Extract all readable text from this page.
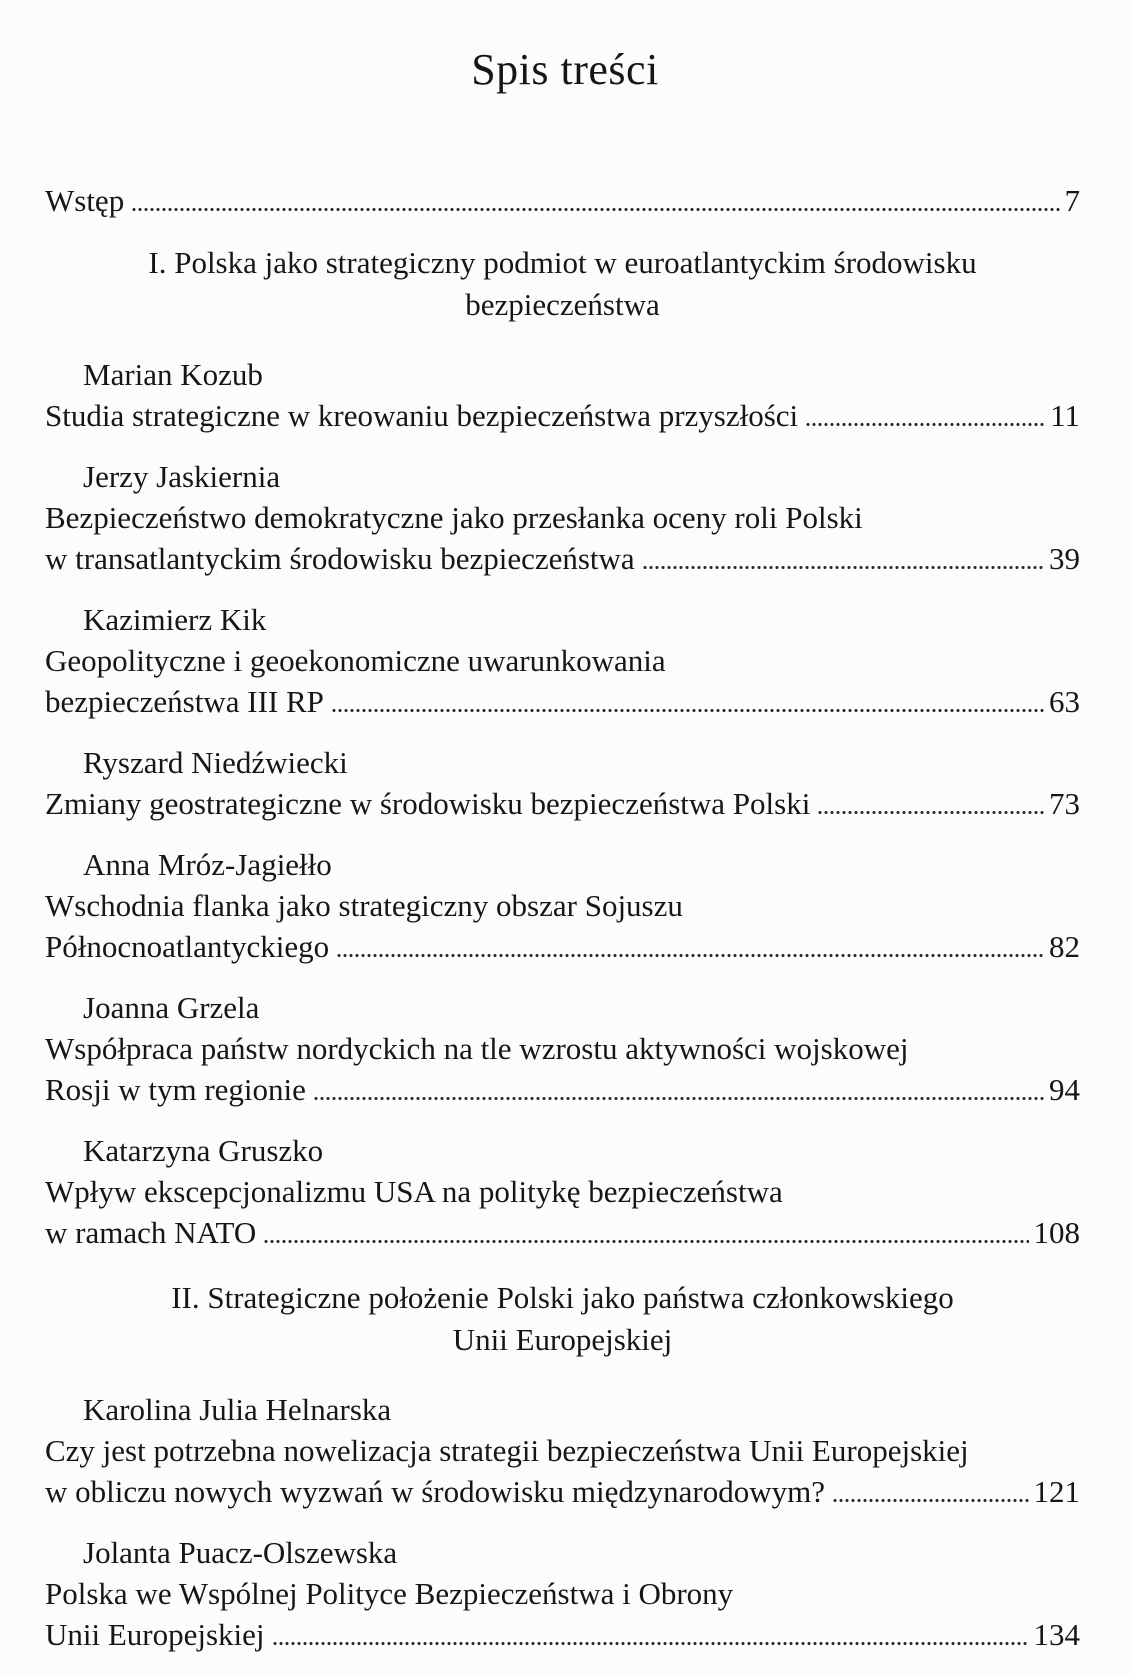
Spis treści
Wstęp	7
I. Polska jako strategiczny podmiot w euroatlantyckim środowisku
bezpieczeństwa
Marian Kozub
Studia strategiczne w kreowaniu bezpieczeństwa przyszłości	11
Jerzy Jaskiernia
Bezpieczeństwo demokratyczne jako przesłanka oceny roli Polski
w transatlantyckim środowisku bezpieczeństwa	39
Kazimierz Kik
Geopolityczne i geoekonomiczne uwarunkowania
bezpieczeństwa III RP	63
Ryszard Niedźwiecki
Zmiany geostrategiczne w środowisku bezpieczeństwa Polski	73
Anna Mróz-Jagiełło
Wschodnia flanka jako strategiczny obszar Sojuszu
Północnoatlantyckiego	82
Joanna Grzela
Współpraca państw nordyckich na tle wzrostu aktywności wojskowej
Rosji w tym regionie	94
Katarzyna Gruszko
Wpływ ekscepcjonalizmu USA na politykę bezpieczeństwa
w ramach NATO	108
II. Strategiczne położenie Polski jako państwa członkowskiego
Unii Europejskiej
Karolina Julia Helnarska
Czy jest potrzebna nowelizacja strategii bezpieczeństwa Unii Europejskiej
w obliczu nowych wyzwań w środowisku międzynarodowym?	121
Jolanta Puacz-Olszewska
Polska we Wspólnej Polityce Bezpieczeństwa i Obrony
Unii Europejskiej	134
